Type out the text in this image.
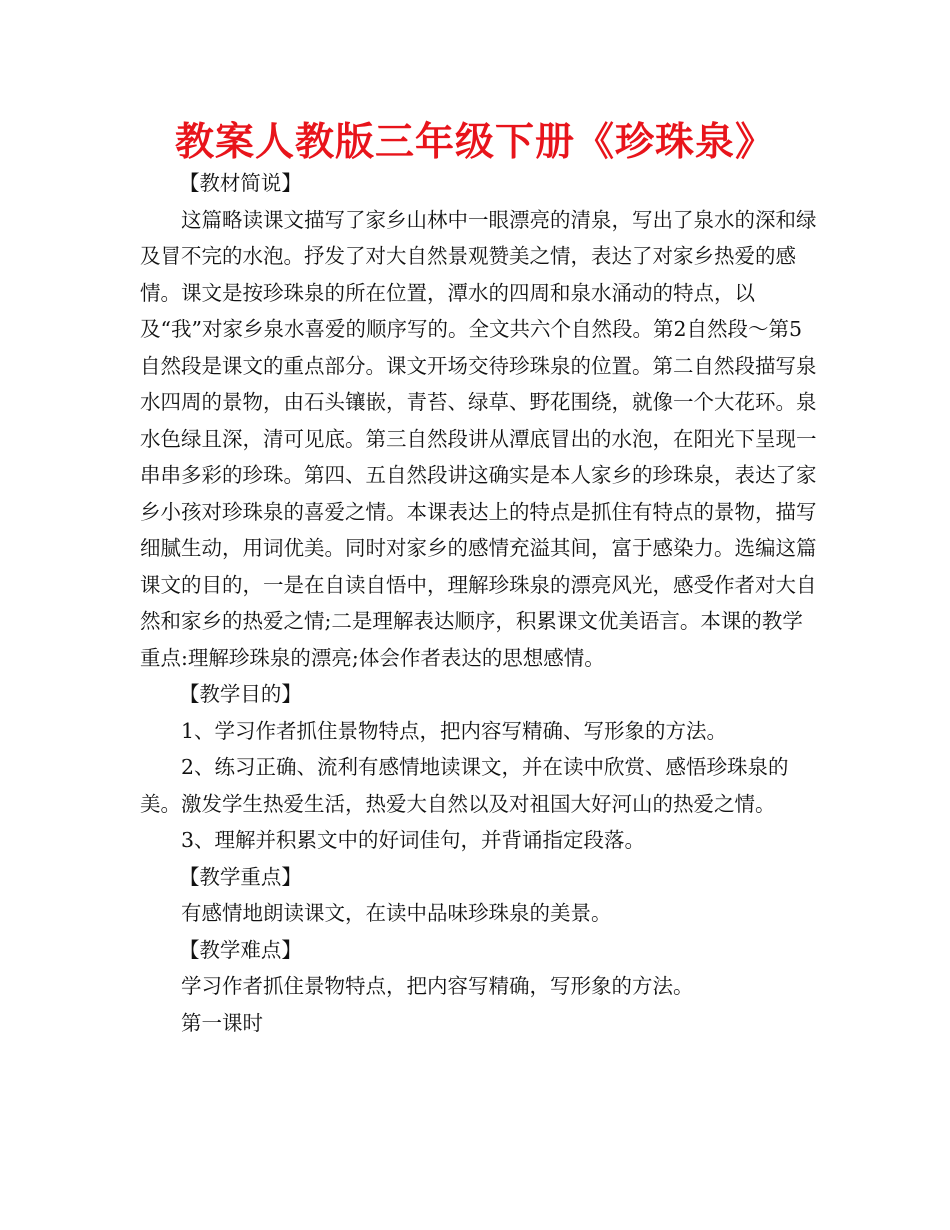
教案人教版三年级下册《珍珠泉》

【教材简说】

这篇略读课文描写了家乡山林中一眼漂亮的清泉，写出了泉水的深和绿及冒不完的水泡。抒发了对大自然景观赞美之情，表达了对家乡热爱的感情。课文是按珍珠泉的所在位置，潭水的四周和泉水涌动的特点，以及“我”对家乡泉水喜爱的顺序写的。全文共六个自然段。第2自然段～第5自然段是课文的重点部分。课文开场交待珍珠泉的位置。第二自然段描写泉水四周的景物，由石头镶嵌，青苔、绿草、野花围绕，就像一个大花环。泉水色绿且深，清可见底。第三自然段讲从潭底冒出的水泡，在阳光下呈现一串串多彩的珍珠。第四、五自然段讲这确实是本人家乡的珍珠泉，表达了家乡小孩对珍珠泉的喜爱之情。本课表达上的特点是抓住有特点的景物，描写细腻生动，用词优美。同时对家乡的感情充溢其间，富于感染力。选编这篇课文的目的，一是在自读自悟中，理解珍珠泉的漂亮风光，感受作者对大自然和家乡的热爱之情;二是理解表达顺序，积累课文优美语言。本课的教学重点:理解珍珠泉的漂亮;体会作者表达的思想感情。

【教学目的】

1、学习作者抓住景物特点，把内容写精确、写形象的方法。

2、练习正确、流利有感情地读课文，并在读中欣赏、感悟珍珠泉的美。激发学生热爱生活，热爱大自然以及对祖国大好河山的热爱之情。

3、理解并积累文中的好词佳句，并背诵指定段落。

【教学重点】

有感情地朗读课文，在读中品味珍珠泉的美景。

【教学难点】

学习作者抓住景物特点，把内容写精确，写形象的方法。

第一课时
